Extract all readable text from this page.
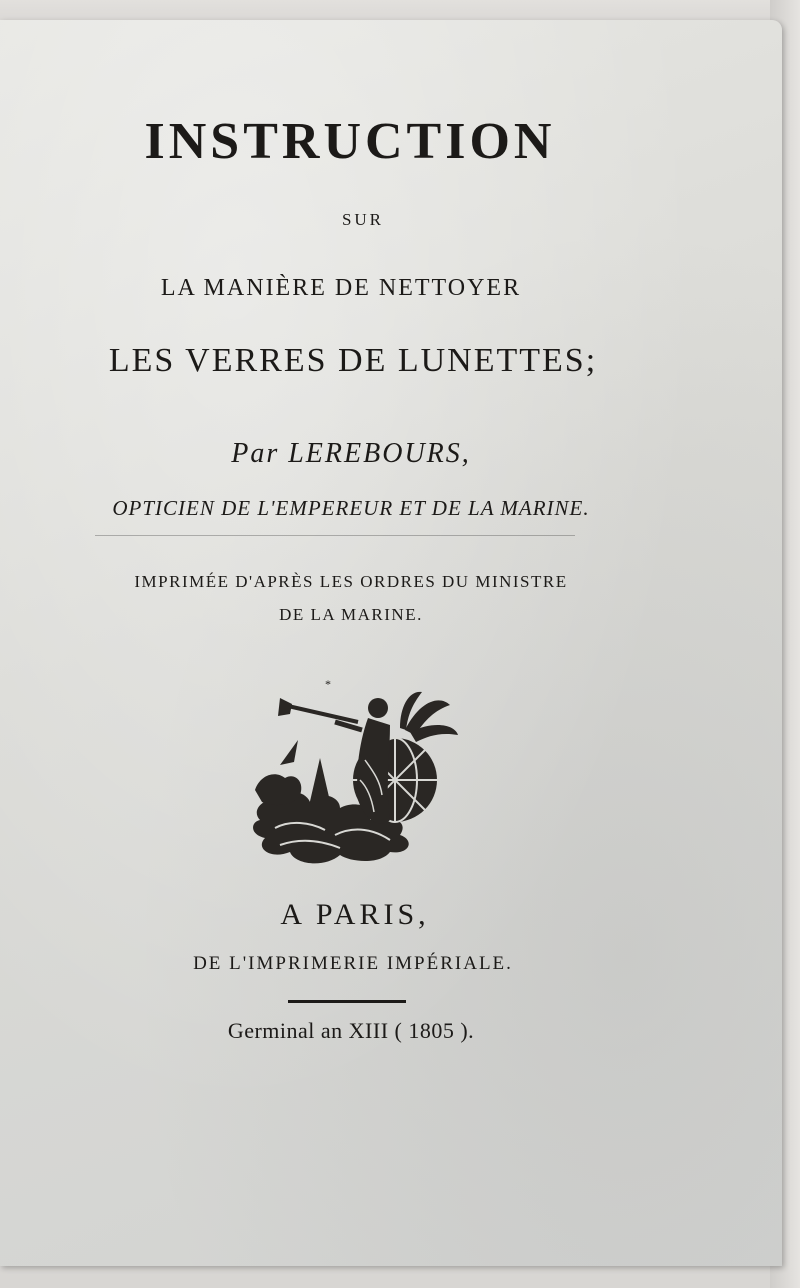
INSTRUCTION
SUR
LA MANIÈRE DE NETTOYER
LES VERRES DE LUNETTES;
Par LEREBOURS,
OPTICIEN DE L'EMPEREUR ET DE LA MARINE.
IMPRIMÉE D'APRÈS LES ORDRES DU MINISTRE
DE LA MARINE.
*
A PARIS,
DE L'IMPRIMERIE IMPÉRIALE.
Germinal an XIII ( 1805 ).
